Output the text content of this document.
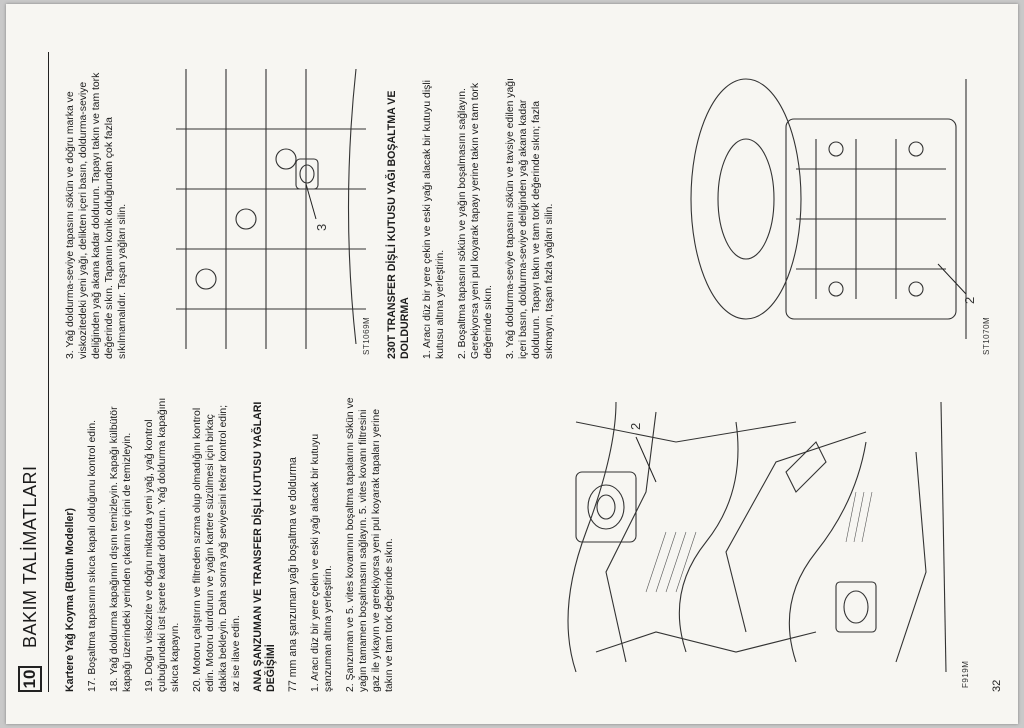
10
BAKIM TALİMATLARI Kartere Yağ Koyma (Bütün Modeller) 17. Boşaltma tapasının sıkıca kapalı olduğunu kontrol edin. 18. Yağ doldurma kapağının dışını temizleyin. Kapağı külbütör kapağı üzerindeki yerinden çıkarın ve içini de temizleyin. 19. Doğru viskozite ve doğru miktarda yeni yağ, yağ kontrol çubuğundaki üst işarete kadar doldurun. Yağ doldurma kapağını sıkıca kapayın. 20. Motoru çalıştırın ve filtreden sızma olup olmadığını kontrol edin. Motoru durdurun ve yağın kartere süzülmesi için birkaç dakika bekleyin. Daha sonra yağ seviyesini tekrar kontrol edin; az ise ilave edin. ANA ŞANZUMAN VE TRANSFER DİŞLİ KUTUSU YAĞLARI DEĞİŞİMİ 77 mm ana şanzuman yağı boşaltma ve doldurma 1. Aracı düz bir yere çekin ve eski yağı alacak bir kutuyu şanzuman altına yerleştirin. 2. Şanzuman ve 5. vites kovanının boşaltma tapalarını sökün ve yağın tamamen boşalmasını sağlayın. 5. vites kovanı filtresini gaz ile yıkayın ve gerekiyorsa yeni pul koyarak tapaları yerine takın ve tam tork değerinde sıkın.

2
F919M 32

3. Yağ doldurma-seviye tapasını sökün ve doğru markа ve viskozitedeki yeni yağı, delikten içeri basın, doldurma-seviye deliğinden yağ akana kadar doldurun. Tapayı takın ve tam tork değerinde sıkın. Tapanın konik olduğundan çok fazla sıkılmamalıdır. Taşan yağları silin.	230T TRANSFER DİŞLİ KUTUSU YAĞI BOŞALTMA VE DOLDURMA 1. Aracı düz bir yere çekin ve eski yağı alacak bir kutuyu dişli kutusu altına yerleştirin. 2. Boşaltma tapasını sökün ve yağın boşalmasını sağlayın. Gerekiyorsa yeni pul koyarak tapayı yerine takın ve tam tork değerinde sıkın. 3. Yağ doldurma-seviye tapasını sökün ve tavsiye edilen yağı içeri basın, doldurma-seviye deliğinden yağ akana kadar doldurun. Tapayı takın ve tam tork değerinde sıkın; fazla sıkmayın, taşan fazla yağları silin.

3
ST1069M
2
ST1070M
